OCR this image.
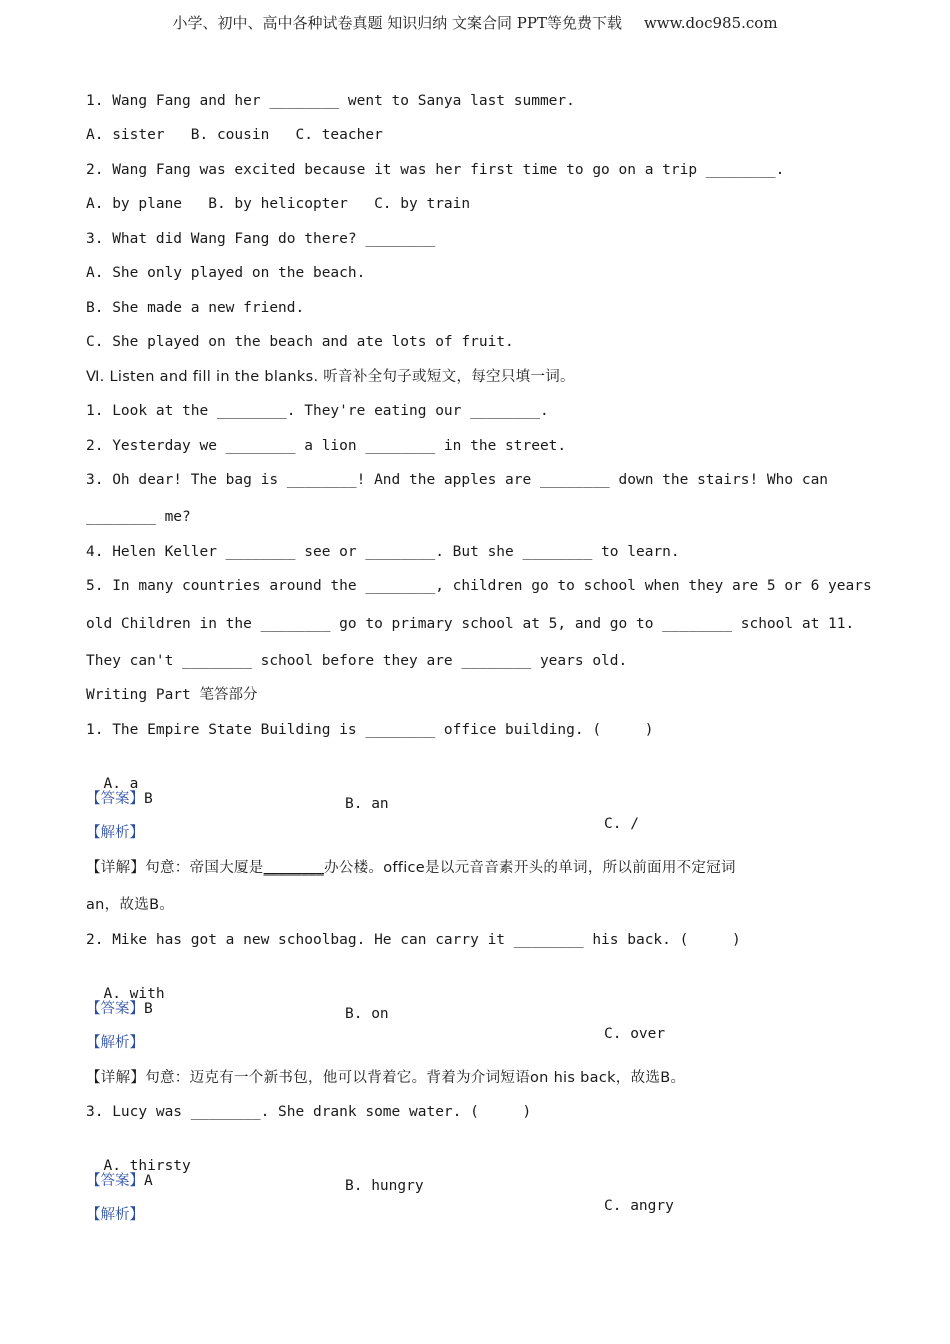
小学、初中、高中各种试卷真题 知识归纳 文案合同 PPT等免费下载 www.doc985.com
1. Wang Fang and her ________ went to Sanya last summer.
A. sister   B. cousin   C. teacher
2. Wang Fang was excited because it was her first time to go on a trip ________.
A. by plane   B. by helicopter   C. by train
3. What did Wang Fang do there? ________
A. She only played on the beach.
B. She made a new friend.
C. She played on the beach and ate lots of fruit.
Ⅵ. Listen and fill in the blanks. 听音补全句子或短文，每空只填一词。
1. Look at the ________. They're eating our ________.
2. Yesterday we ________ a lion ________ in the street.
3. Oh dear! The bag is ________! And the apples are ________ down the stairs! Who can
________ me?
4. Helen Keller ________ see or ________. But she ________ to learn.
5. In many countries around the ________, children go to school when they are 5 or 6 years
old Children in the ________ go to primary school at 5, and go to ________ school at 11.
They can't ________ school before they are ________ years old.
Writing Part 笔答部分
1. The Empire State Building is ________ office building. (     )

A. a

B. an

C. /

【答案】B
【解析】
【详解】句意：帝国大厦是________办公楼。office是以元音音素开头的单词，所以前面用不定冠词
an，故选B。
2. Mike has got a new schoolbag. He can carry it ________ his back. (     )

A. with

B. on

C. over

【答案】B
【解析】
【详解】句意：迈克有一个新书包，他可以背着它。背着为介词短语on his back，故选B。
3. Lucy was ________. She drank some water. (     )

A. thirsty

B. hungry

C. angry

【答案】A
【解析】
